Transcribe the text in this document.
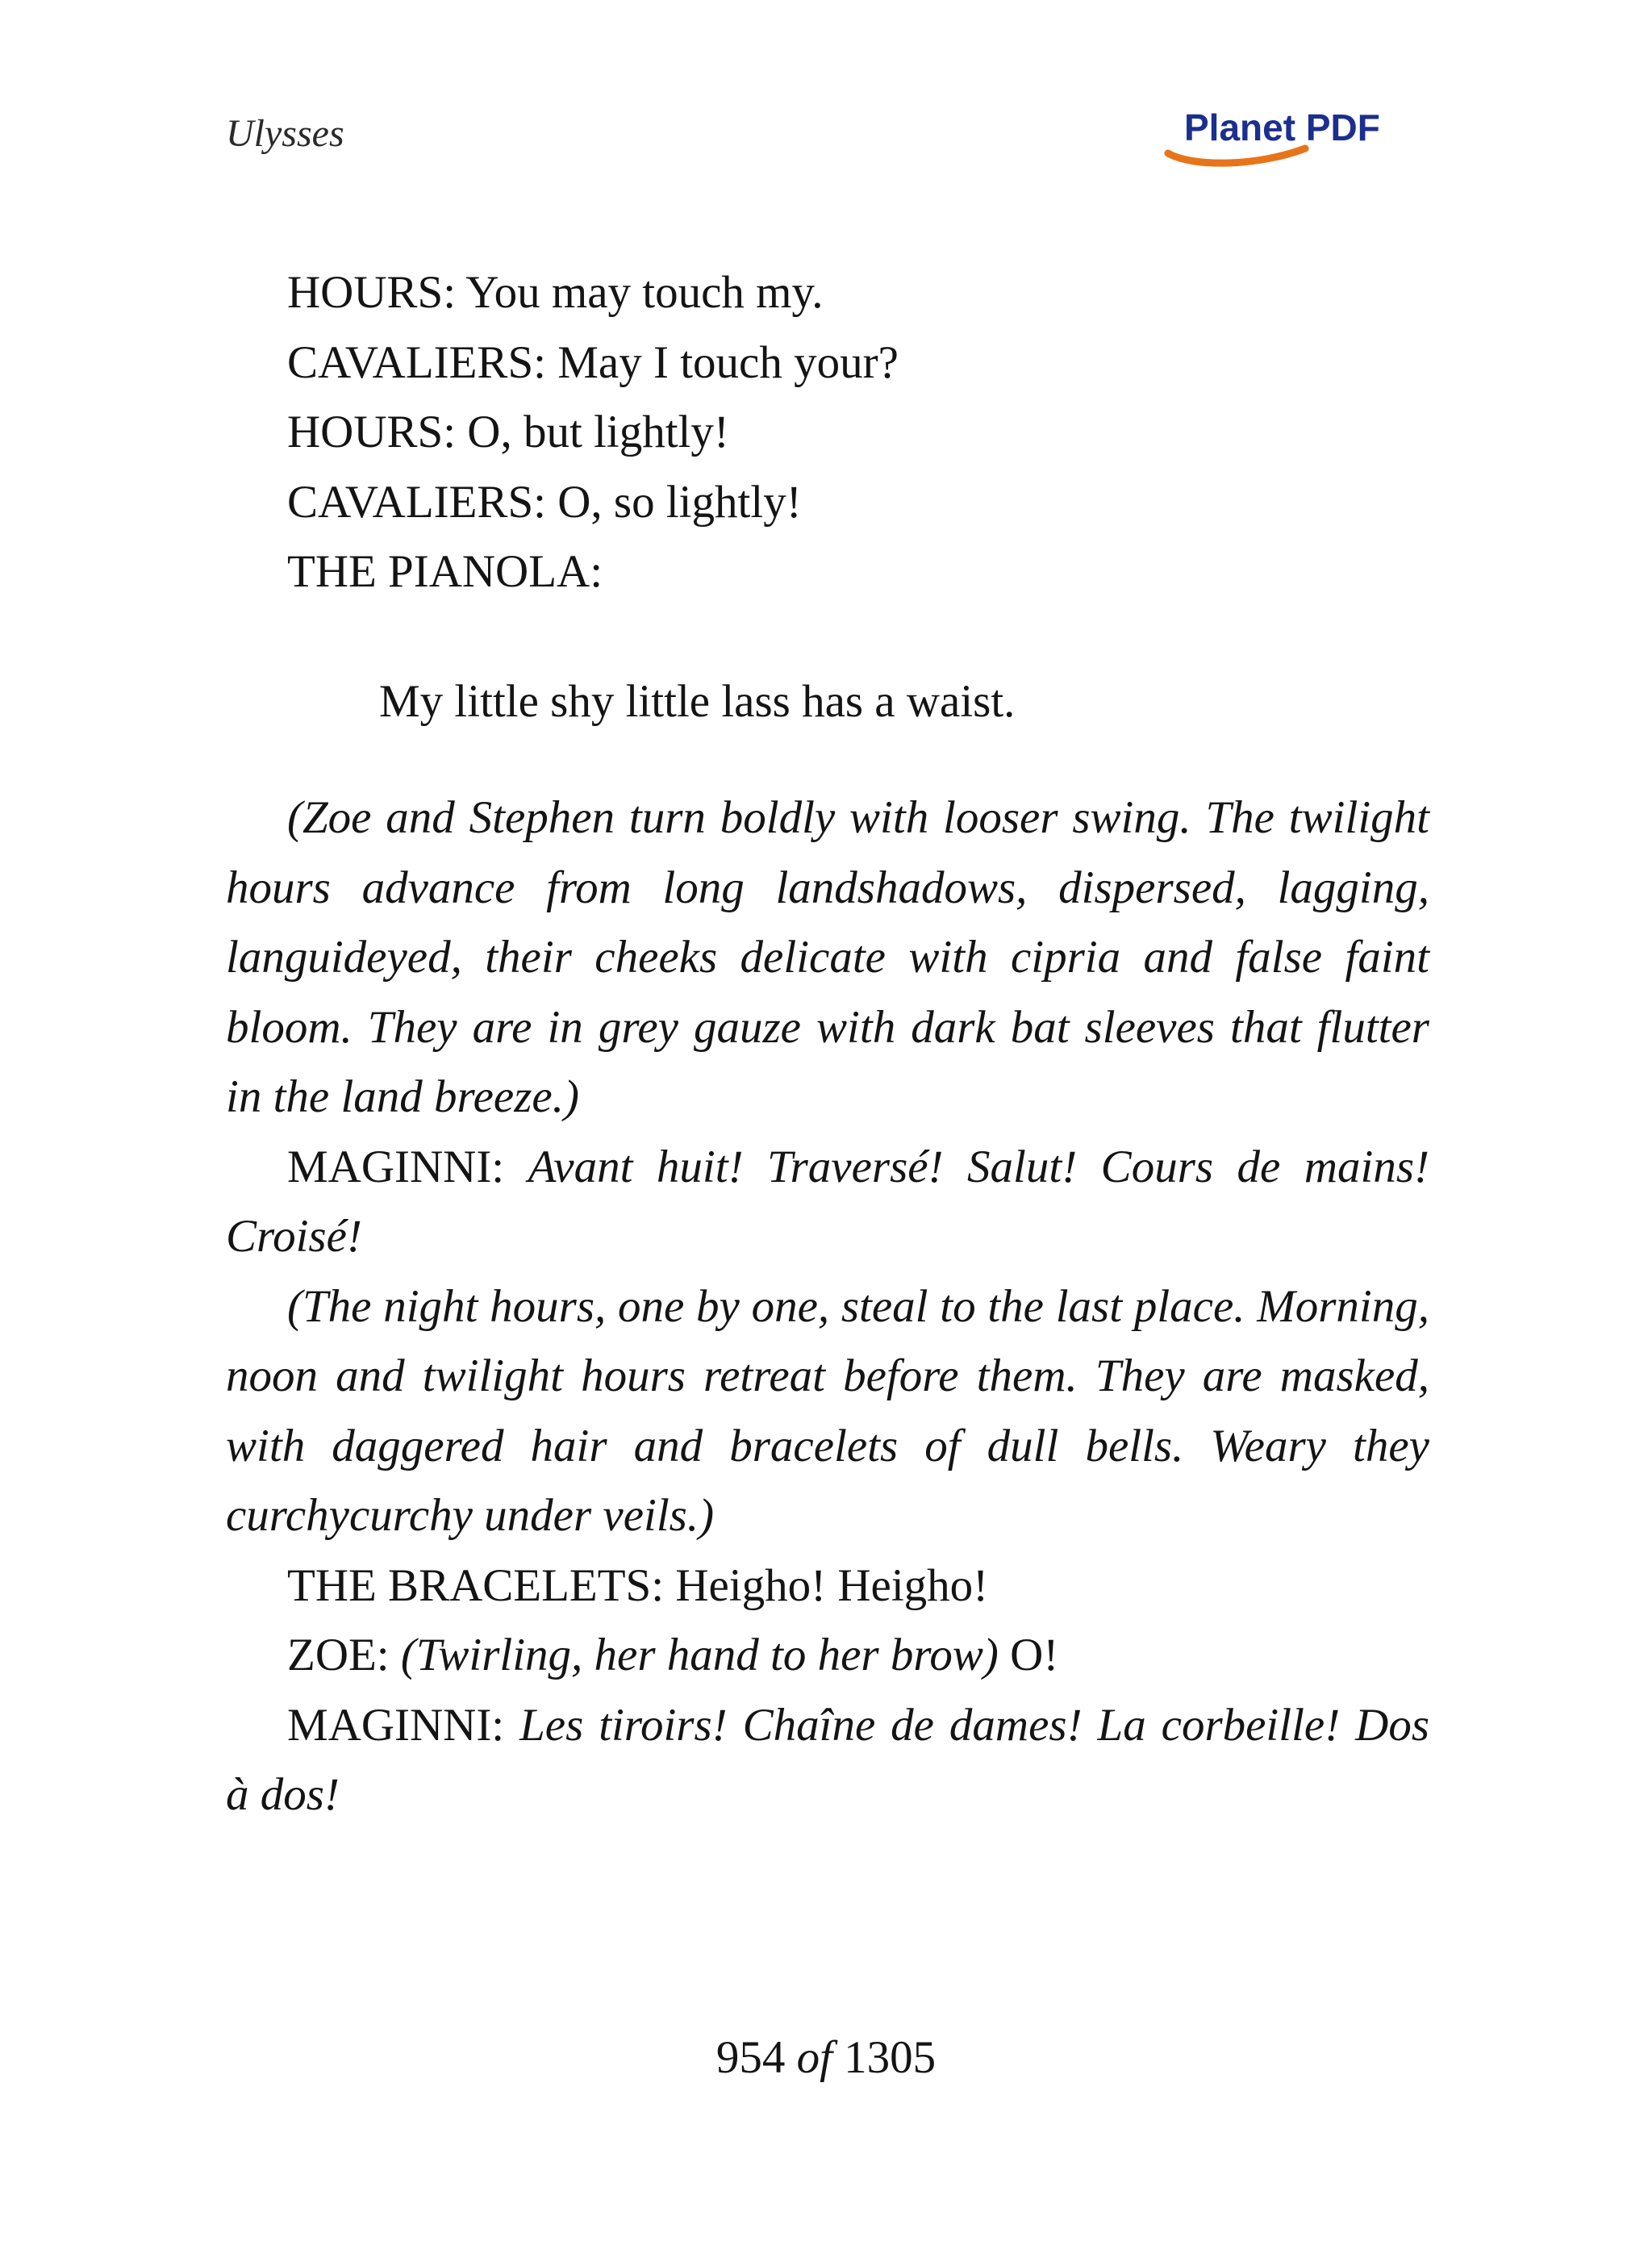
Ulysses	Planet PDF
HOURS: You may touch my.
CAVALIERS: May I touch your?
HOURS: O, but lightly!
CAVALIERS: O, so lightly!
THE PIANOLA:
My little shy little lass has a waist.
(Zoe and Stephen turn boldly with looser swing. The twilight hours advance from long landshadows, dispersed, lagging, languideyed, their cheeks delicate with cipria and false faint bloom. They are in grey gauze with dark bat sleeves that flutter in the land breeze.)
MAGINNI: Avant huit! Traversé! Salut! Cours de mains! Croisé!
(The night hours, one by one, steal to the last place. Morning, noon and twilight hours retreat before them. They are masked, with daggered hair and bracelets of dull bells. Weary they curchycurchy under veils.)
THE BRACELETS: Heigho! Heigho!
ZOE: (Twirling, her hand to her brow) O!
MAGINNI: Les tiroirs! Chaîne de dames! La corbeille! Dos à dos!
954 of 1305
